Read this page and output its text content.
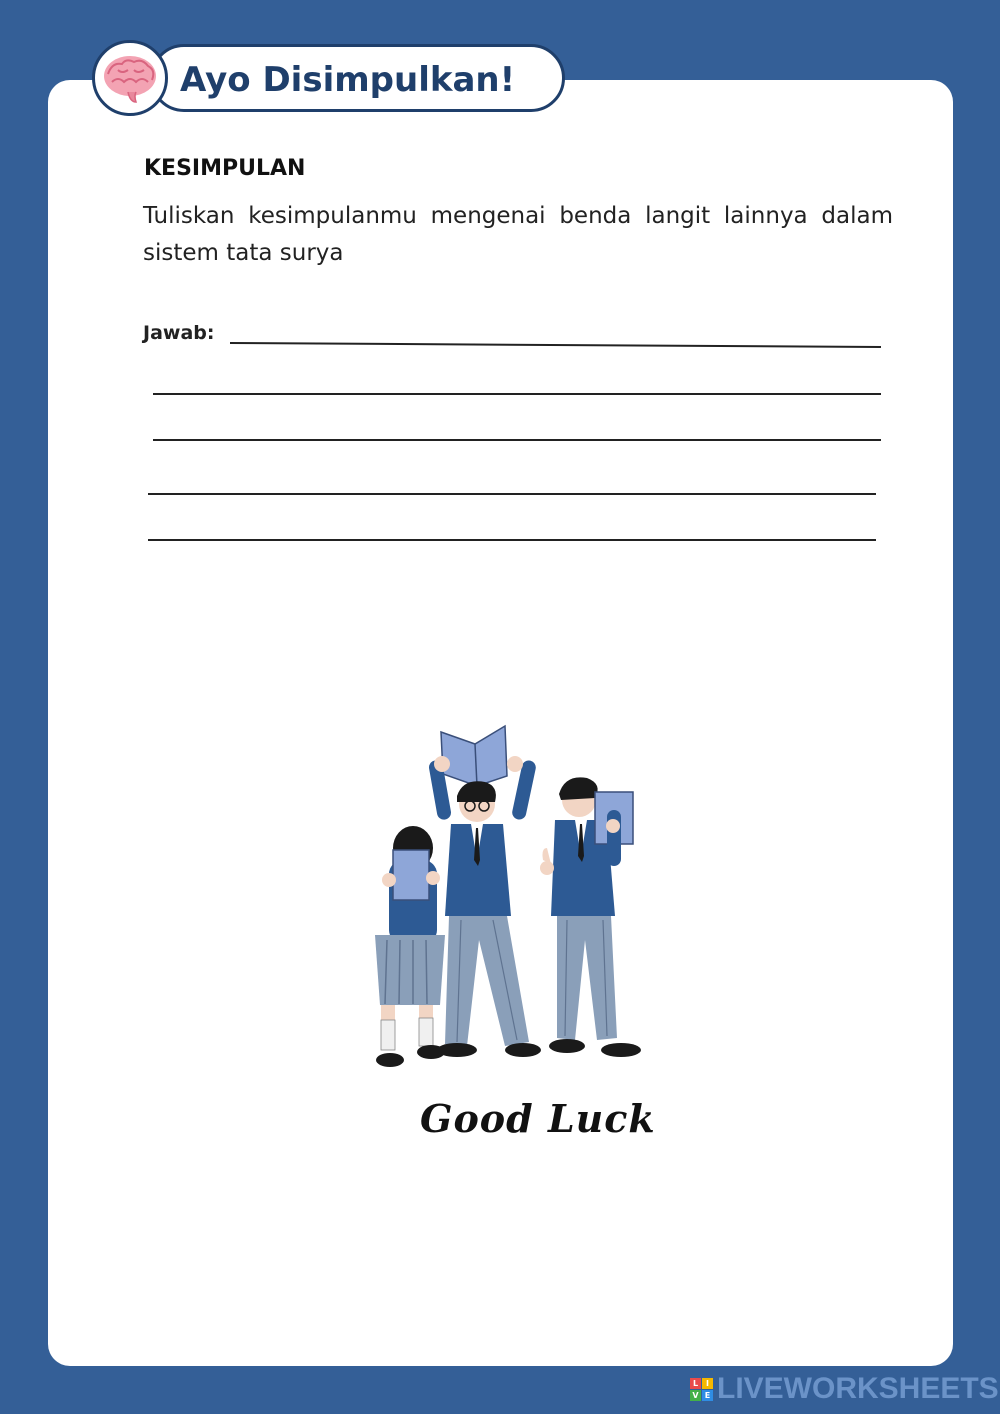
Ayo Disimpulkan!
KESIMPULAN
Tuliskan kesimpulanmu mengenai benda langit lainnya dalam sistem tata surya
Jawab:
Good Luck
L I
V E LIVEWORKSHEETS
